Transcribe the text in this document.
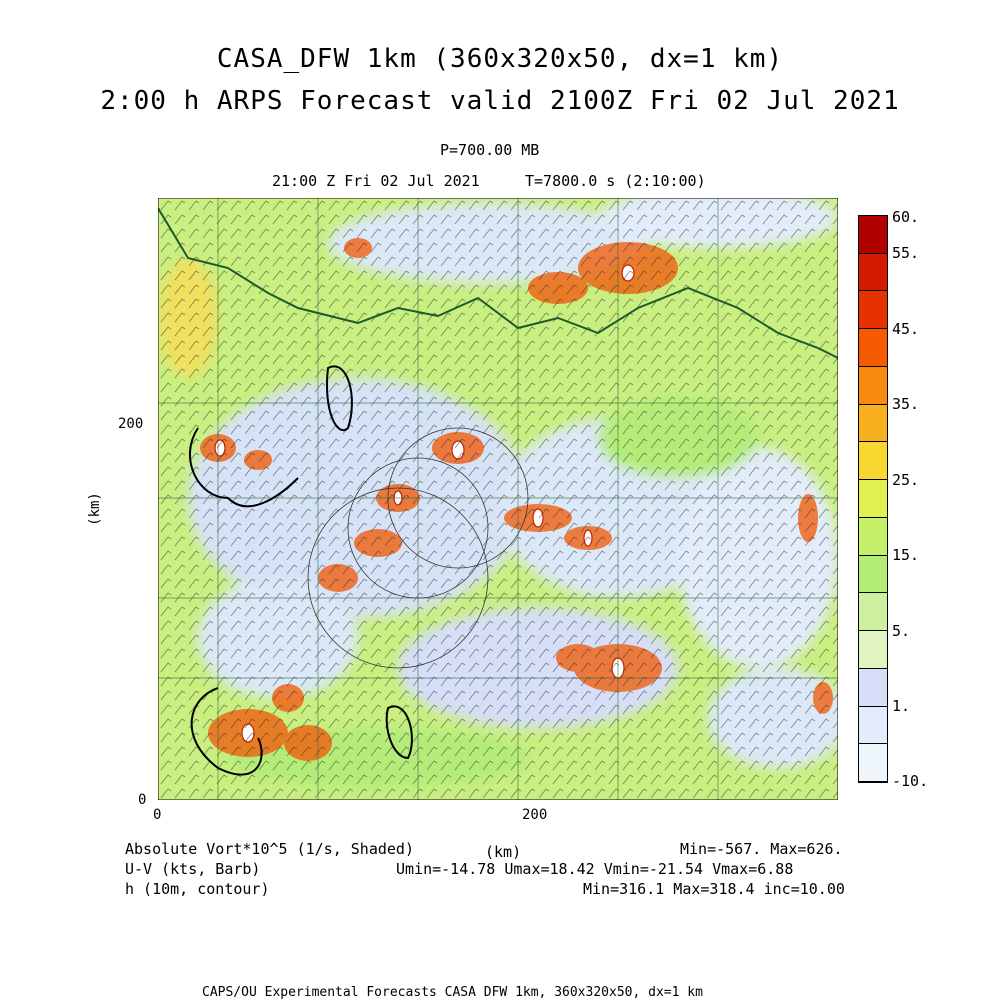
CASA_DFW 1km (360x320x50, dx=1 km)
2:00 h ARPS Forecast valid 2100Z Fri 02 Jul 2021
P=700.00 MB
21:00 Z Fri 02 Jul 2021	T=7800.0 s (2:10:00)
0	200
0
200
(km)
60.
55.
45.
35.
25.
15.
5.
1.
-10.
Absolute Vort*10^5 (1/s, Shaded)
U-V (kts, Barb)
h (10m, contour)
(km)	Min=-567. Max=626.
Umin=-14.78 Umax=18.42 Vmin=-21.54 Vmax=6.88
Min=316.1 Max=318.4 inc=10.00
CAPS/OU Experimental Forecasts CASA DFW 1km, 360x320x50, dx=1 km
